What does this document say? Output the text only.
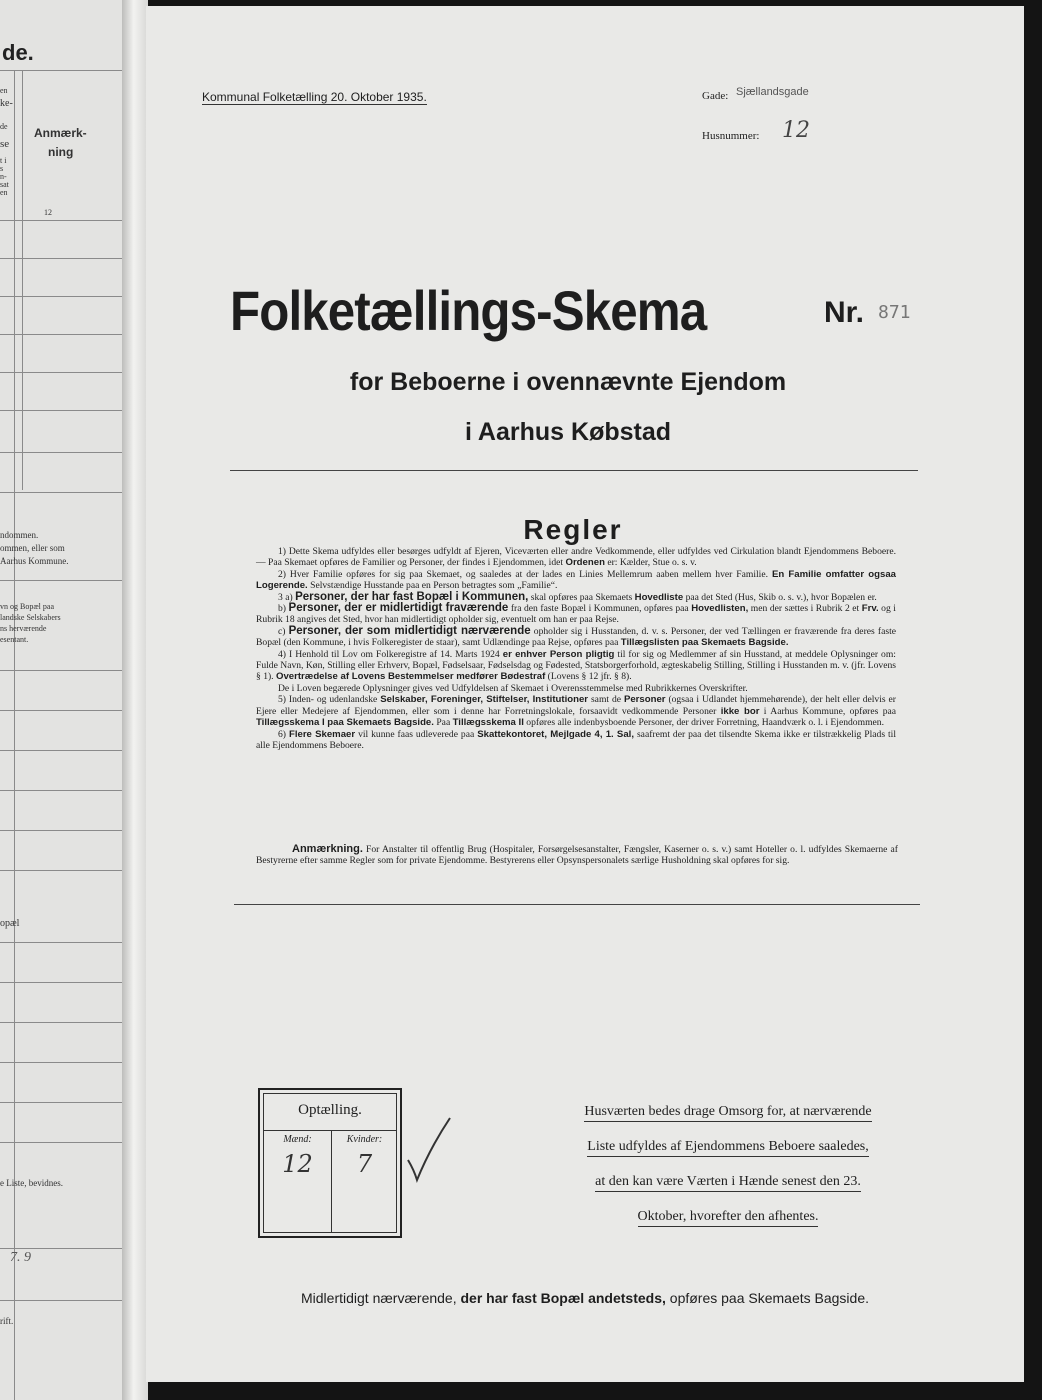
de.
en
ke-
de
se
t i
s
n-
sat
en
Anmærk-
ning
12
ndommen.
ommen, eller som
Aarhus Kommune.
vn og Bopæl paa
landske Selskabers
ns herværende
esentant.
opæl
e Liste, bevidnes.
7. 9
rift.
Kommunal Folketælling 20. Oktober 1935.	Gade: Sjællandsgade
Husnummer: 12
Folketællings-Skema	Nr. 871
for Beboerne i ovennævnte Ejendom
i Aarhus Købstad
Regler

1) Dette Skema udfyldes eller besørges udfyldt af Ejeren, Viceværten eller andre Vedkommende, eller udfyldes ved Cirkulation blandt Ejendommens Beboere. — Paa Skemaet opføres de Familier og Personer, der findes i Ejendommen, idet Ordenen er: Kælder, Stue o. s. v.

2) Hver Familie opføres for sig paa Skemaet, og saaledes at der lades en Linies Mellemrum aaben mellem hver Familie. En Familie omfatter ogsaa Logerende. Selvstændige Husstande paa en Person betragtes som „Familie“.

3 a) Personer, der har fast Bopæl i Kommunen, skal opføres paa Skemaets Hovedliste paa det Sted (Hus, Skib o. s. v.), hvor Bopælen er.

b) Personer, der er midlertidigt fraværende fra den faste Bopæl i Kommunen, opføres paa Hovedlisten, men der sættes i Rubrik 2 et Frv. og i Rubrik 18 angives det Sted, hvor han midlertidigt opholder sig, eventuelt om han er paa Rejse.

c) Personer, der som midlertidigt nærværende opholder sig i Husstanden, d. v. s. Personer, der ved Tællingen er fraværende fra deres faste Bopæl (den Kommune, i hvis Folkeregister de staar), samt Udlændinge paa Rejse, opføres paa Tillægslisten paa Skemaets Bagside.

4) I Henhold til Lov om Folkeregistre af 14. Marts 1924 er enhver Person pligtig til for sig og Medlemmer af sin Husstand, at meddele Oplysninger om: Fulde Navn, Køn, Stilling eller Erhverv, Bopæl, Fødselsaar, Fødselsdag og Fødested, Statsborgerforhold, ægteskabelig Stilling, Stilling i Husstanden m. v. (jfr. Lovens § 1). Overtrædelse af Lovens Bestemmelser medfører Bødestraf (Lovens § 12 jfr. § 8).

De i Loven begærede Oplysninger gives ved Udfyldelsen af Skemaet i Overensstemmelse med Rubrikkernes Overskrifter.

5) Inden- og udenlandske Selskaber, Foreninger, Stiftelser, Institutioner samt de Personer (ogsaa i Udlandet hjemmehørende), der helt eller delvis er Ejere eller Medejere af Ejendommen, eller som i denne har Forretningslokale, forsaavidt vedkommende Personer ikke bor i Aarhus Kommune, opføres paa Tillægsskema I paa Skemaets Bagside. Paa Tillægsskema II opføres alle indenbysboende Personer, der driver Forretning, Haandværk o. l. i Ejendommen.

6) Flere Skemaer vil kunne faas udleverede paa Skattekontoret, Mejlgade 4, 1. Sal, saafremt der paa det tilsendte Skema ikke er tilstrækkelig Plads til alle Ejendommens Beboere.

Anmærkning. For Anstalter til offentlig Brug (Hospitaler, Forsørgelsesanstalter, Fængsler, Kaserner o. s. v.) samt Hoteller o. l. udfyldes Skemaerne af Bestyrerne efter samme Regler som for private Ejendomme. Bestyrerens eller Opsynspersonalets særlige Husholdning skal opføres for sig.
Optælling.
Mænd:	Kvinder:
12	7
Husværten bedes drage Omsorg for, at nærværende
Liste udfyldes af Ejendommens Beboere saaledes,
at den kan være Værten i Hænde senest den 23.
Oktober, hvorefter den afhentes.
Midlertidigt nærværende, der har fast Bopæl andetsteds, opføres paa Skemaets Bagside.
